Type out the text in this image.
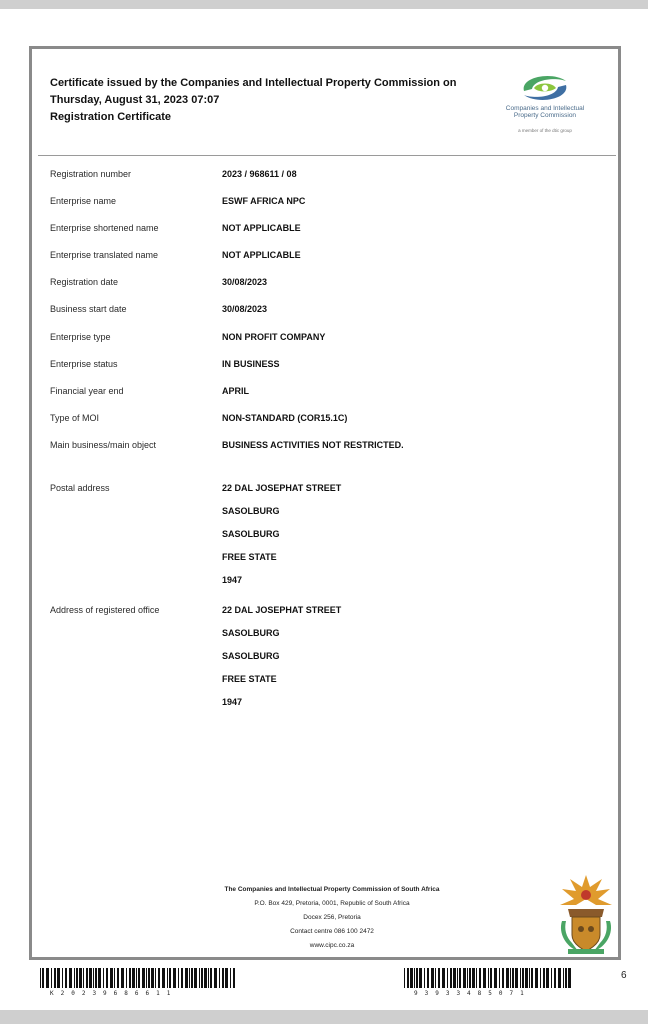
Certificate issued by the Companies and Intellectual Property Commission on
Thursday, August 31, 2023 07:07
Registration Certificate
Companies and Intellectual
Property Commission
a member of the dtic group
Registration number	2023 / 968611 / 08
Enterprise name	ESWF AFRICA NPC
Enterprise shortened name	NOT APPLICABLE
Enterprise translated name	NOT APPLICABLE
Registration date	30/08/2023
Business start date	30/08/2023
Enterprise type	NON PROFIT COMPANY
Enterprise status	IN BUSINESS
Financial year end	APRIL
Type of MOI	NON-STANDARD (COR15.1C)
Main business/main object	BUSINESS ACTIVITIES NOT RESTRICTED.
Postal address	22 DAL JOSEPHAT STREET
SASOLBURG
SASOLBURG
FREE STATE
1947
Address of registered office	22 DAL JOSEPHAT STREET
SASOLBURG
SASOLBURG
FREE STATE
1947
The Companies and Intellectual Property Commission of South Africa
P.O. Box 429, Pretoria, 0001, Republic of South Africa
Docex 256, Pretoria
Contact centre 086 100 2472
www.cipc.co.za
K20239686611	93933485071
6
